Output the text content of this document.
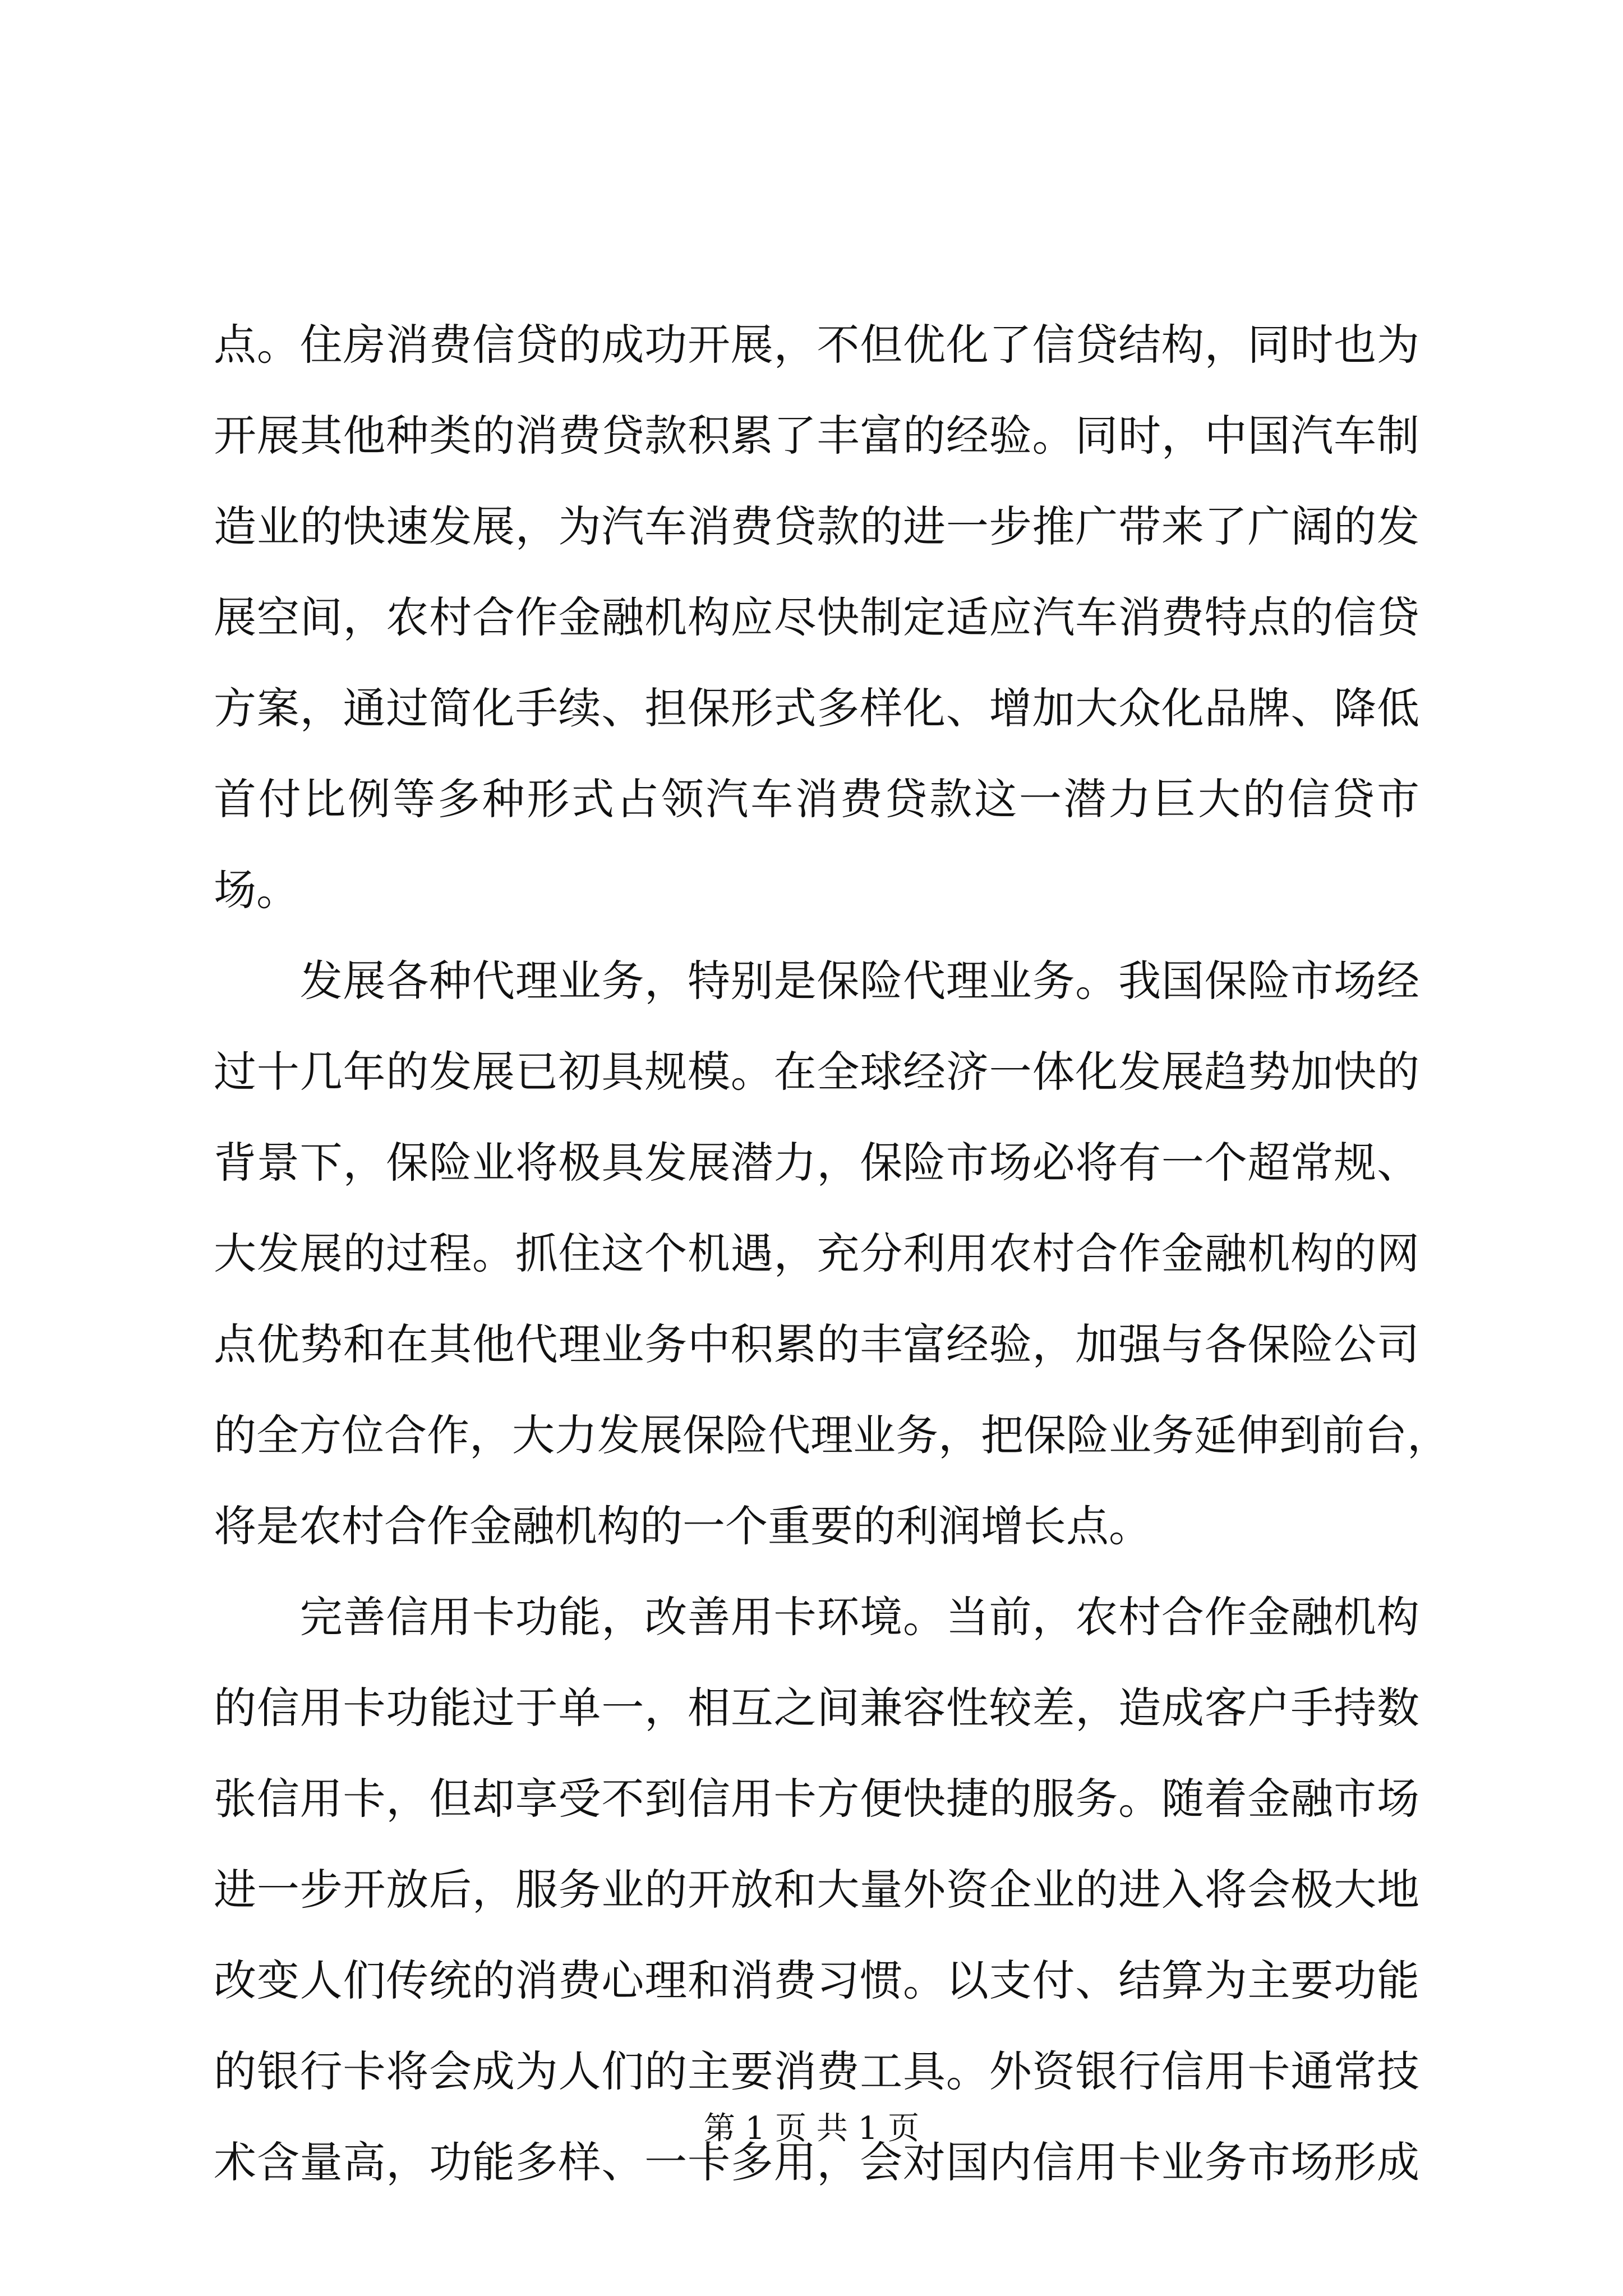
点。住房消费信贷的成功开展，不但优化了信贷结构，同时也为
开展其他种类的消费贷款积累了丰富的经验。同时，中国汽车制
造业的快速发展，为汽车消费贷款的进一步推广带来了广阔的发
展空间，农村合作金融机构应尽快制定适应汽车消费特点的信贷
方案，通过简化手续、担保形式多样化、增加大众化品牌、降低
首付比例等多种形式占领汽车消费贷款这一潜力巨大的信贷市
场。
　　发展各种代理业务，特别是保险代理业务。我国保险市场经
过十几年的发展已初具规模。在全球经济一体化发展趋势加快的
背景下，保险业将极具发展潜力，保险市场必将有一个超常规、
大发展的过程。抓住这个机遇，充分利用农村合作金融机构的网
点优势和在其他代理业务中积累的丰富经验，加强与各保险公司
的全方位合作，大力发展保险代理业务，把保险业务延伸到前台，
将是农村合作金融机构的一个重要的利润增长点。
　　完善信用卡功能，改善用卡环境。当前，农村合作金融机构
的信用卡功能过于单一，相互之间兼容性较差，造成客户手持数
张信用卡，但却享受不到信用卡方便快捷的服务。随着金融市场
进一步开放后，服务业的开放和大量外资企业的进入将会极大地
改变人们传统的消费心理和消费习惯。以支付、结算为主要功能
的银行卡将会成为人们的主要消费工具。外资银行信用卡通常技
术含量高，功能多样、一卡多用，会对国内信用卡业务市场形成
第 1 页 共 1 页
